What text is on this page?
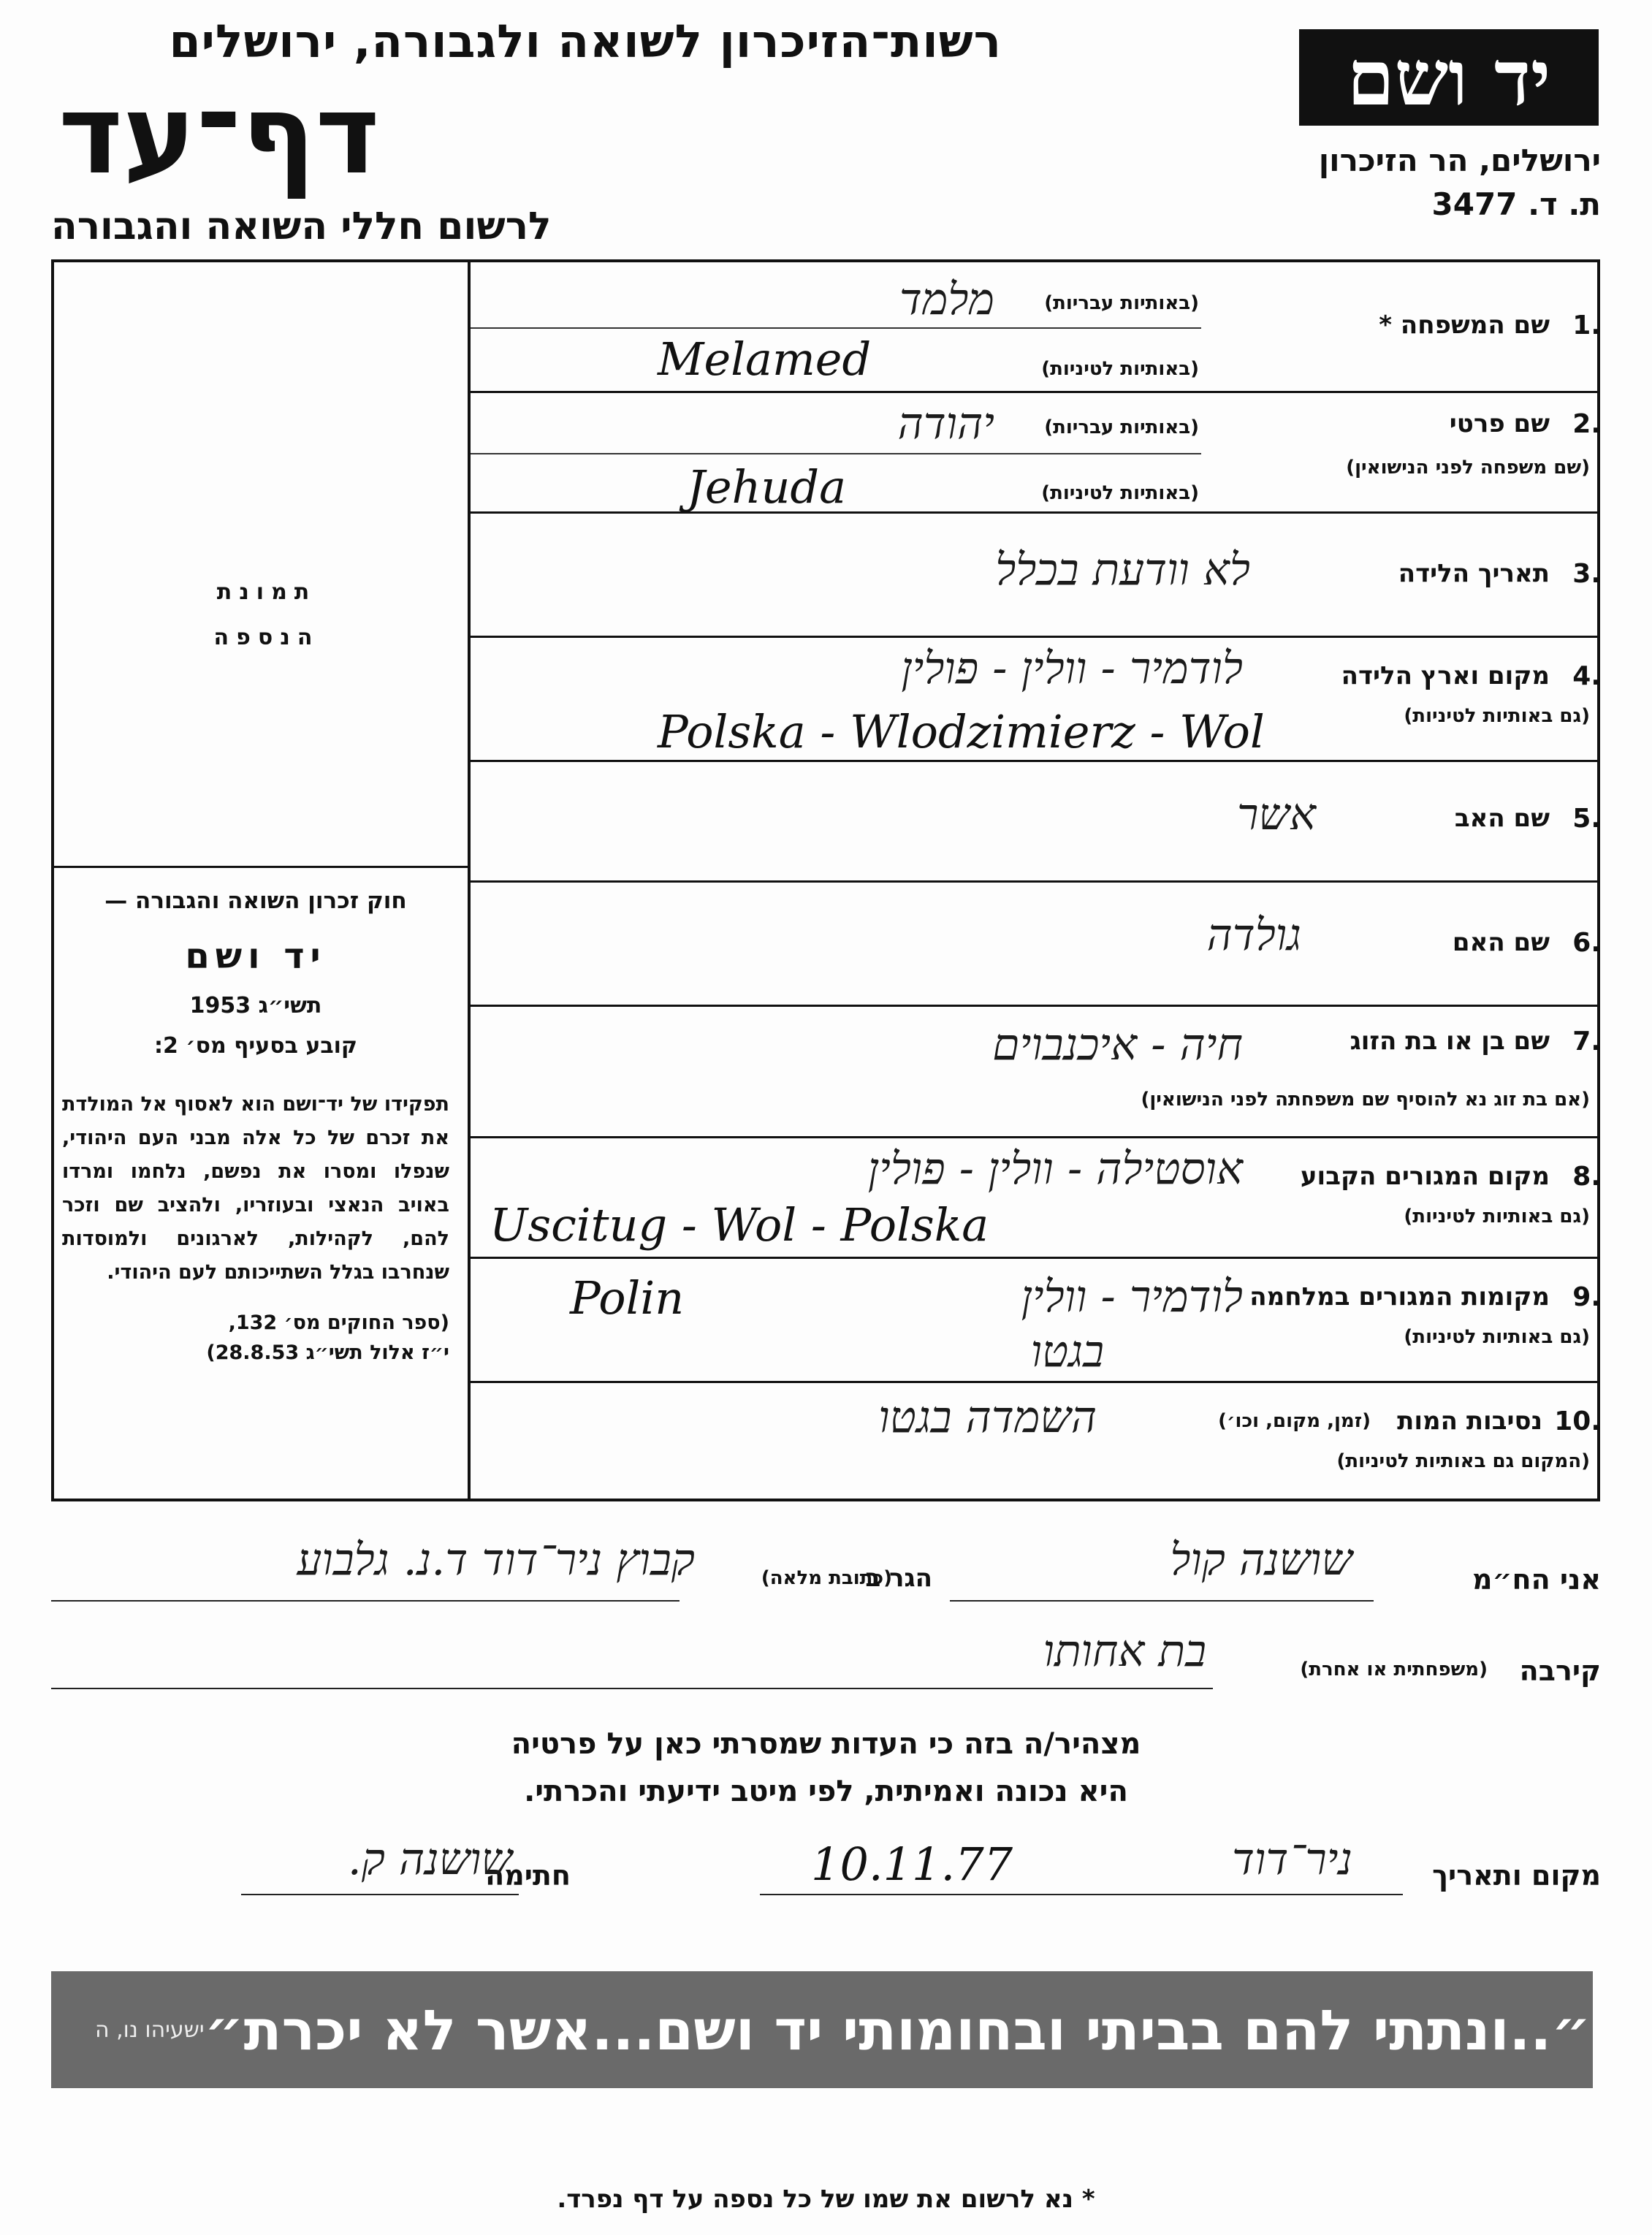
רשות־הזיכרון לשואה ולגבורה, ירושלים
דף־עד
לרשום חללי השואה והגבורה
יד ושם
ירושלים, הר הזיכרון
ת. ד. 3477
תמונת הנספה
חוק זכרון השואה והגבורה —
יד ושם
תשי״ג 1953
קובע בסעיף מס׳ 2:
תפקידו של יד־ושם הוא לאסוף אל המולדת את זכרם של כל אלה מבני העם היהודי, שנפלו ומסרו את נפשם, נלחמו ומרדו באויב הנאצי ובעוזריו, ולהציב שם וזכר להם, לקהילות, לארגונים ולמוסדות שנחרבו בגלל השתייכותם לעם היהודי.
(ספר החוקים מס׳ 132,
י״ז אלול תשי״ג 28.8.53)
1.
שם המשפחה *
(באותיות עבריות)
(באותיות לטיניות)
מלמד
Melamed
2.
שם פרטי
(שם משפחה לפני הנישואין)
(באותיות עבריות)
(באותיות לטיניות)
יהודה
Jehuda
3.
תאריך הלידה
לא וודעת בכלל
4.
מקום וארץ הלידה
(גם באותיות לטיניות)
לודמיר - וולין - פולין
Polska - Wlodzimierz - Wol
5.
שם האב
אשר
6.
שם האם
גולדה
7.
שם בן או בת הזוג
(אם בת זוג נא להוסיף שם משפחתה לפני הנישואין)
חיה - איכנבוים
8.
מקום המגורים הקבוע
(גם באותיות לטיניות)
אוסטילה - וולין - פולין
Uscitug - Wol - Polska
9.
מקומות המגורים במלחמה
(גם באותיות לטיניות)
לודמיר - וולין
Polin
בגטו
10.
נסיבות המות
(זמן, מקום, וכו׳)
(המקום גם באותיות לטיניות)
השמדה בגטו
אני הח״מ
שושנה קול
הגר ב
(כתובת מלאה)
קבוץ ניר־דוד ד.נ. גלבוע
קירבה
(משפחתית או אחרת)
בת אחותו
מצהיר/ה בזה כי העדות שמסרתי כאן על פרטיה
היא נכונה ואמיתית, לפי מיטב ידיעתי והכרתי.
מקום ותאריך
ניר־דוד
10.11.77
חתימה
שושנה ק.
ישעיהו נו, ה ״..ונתתי להם בביתי ובחומותי יד ושם...אשר לא יכרת״
* נא לרשום את שמו של כל נספה על דף נפרד.
